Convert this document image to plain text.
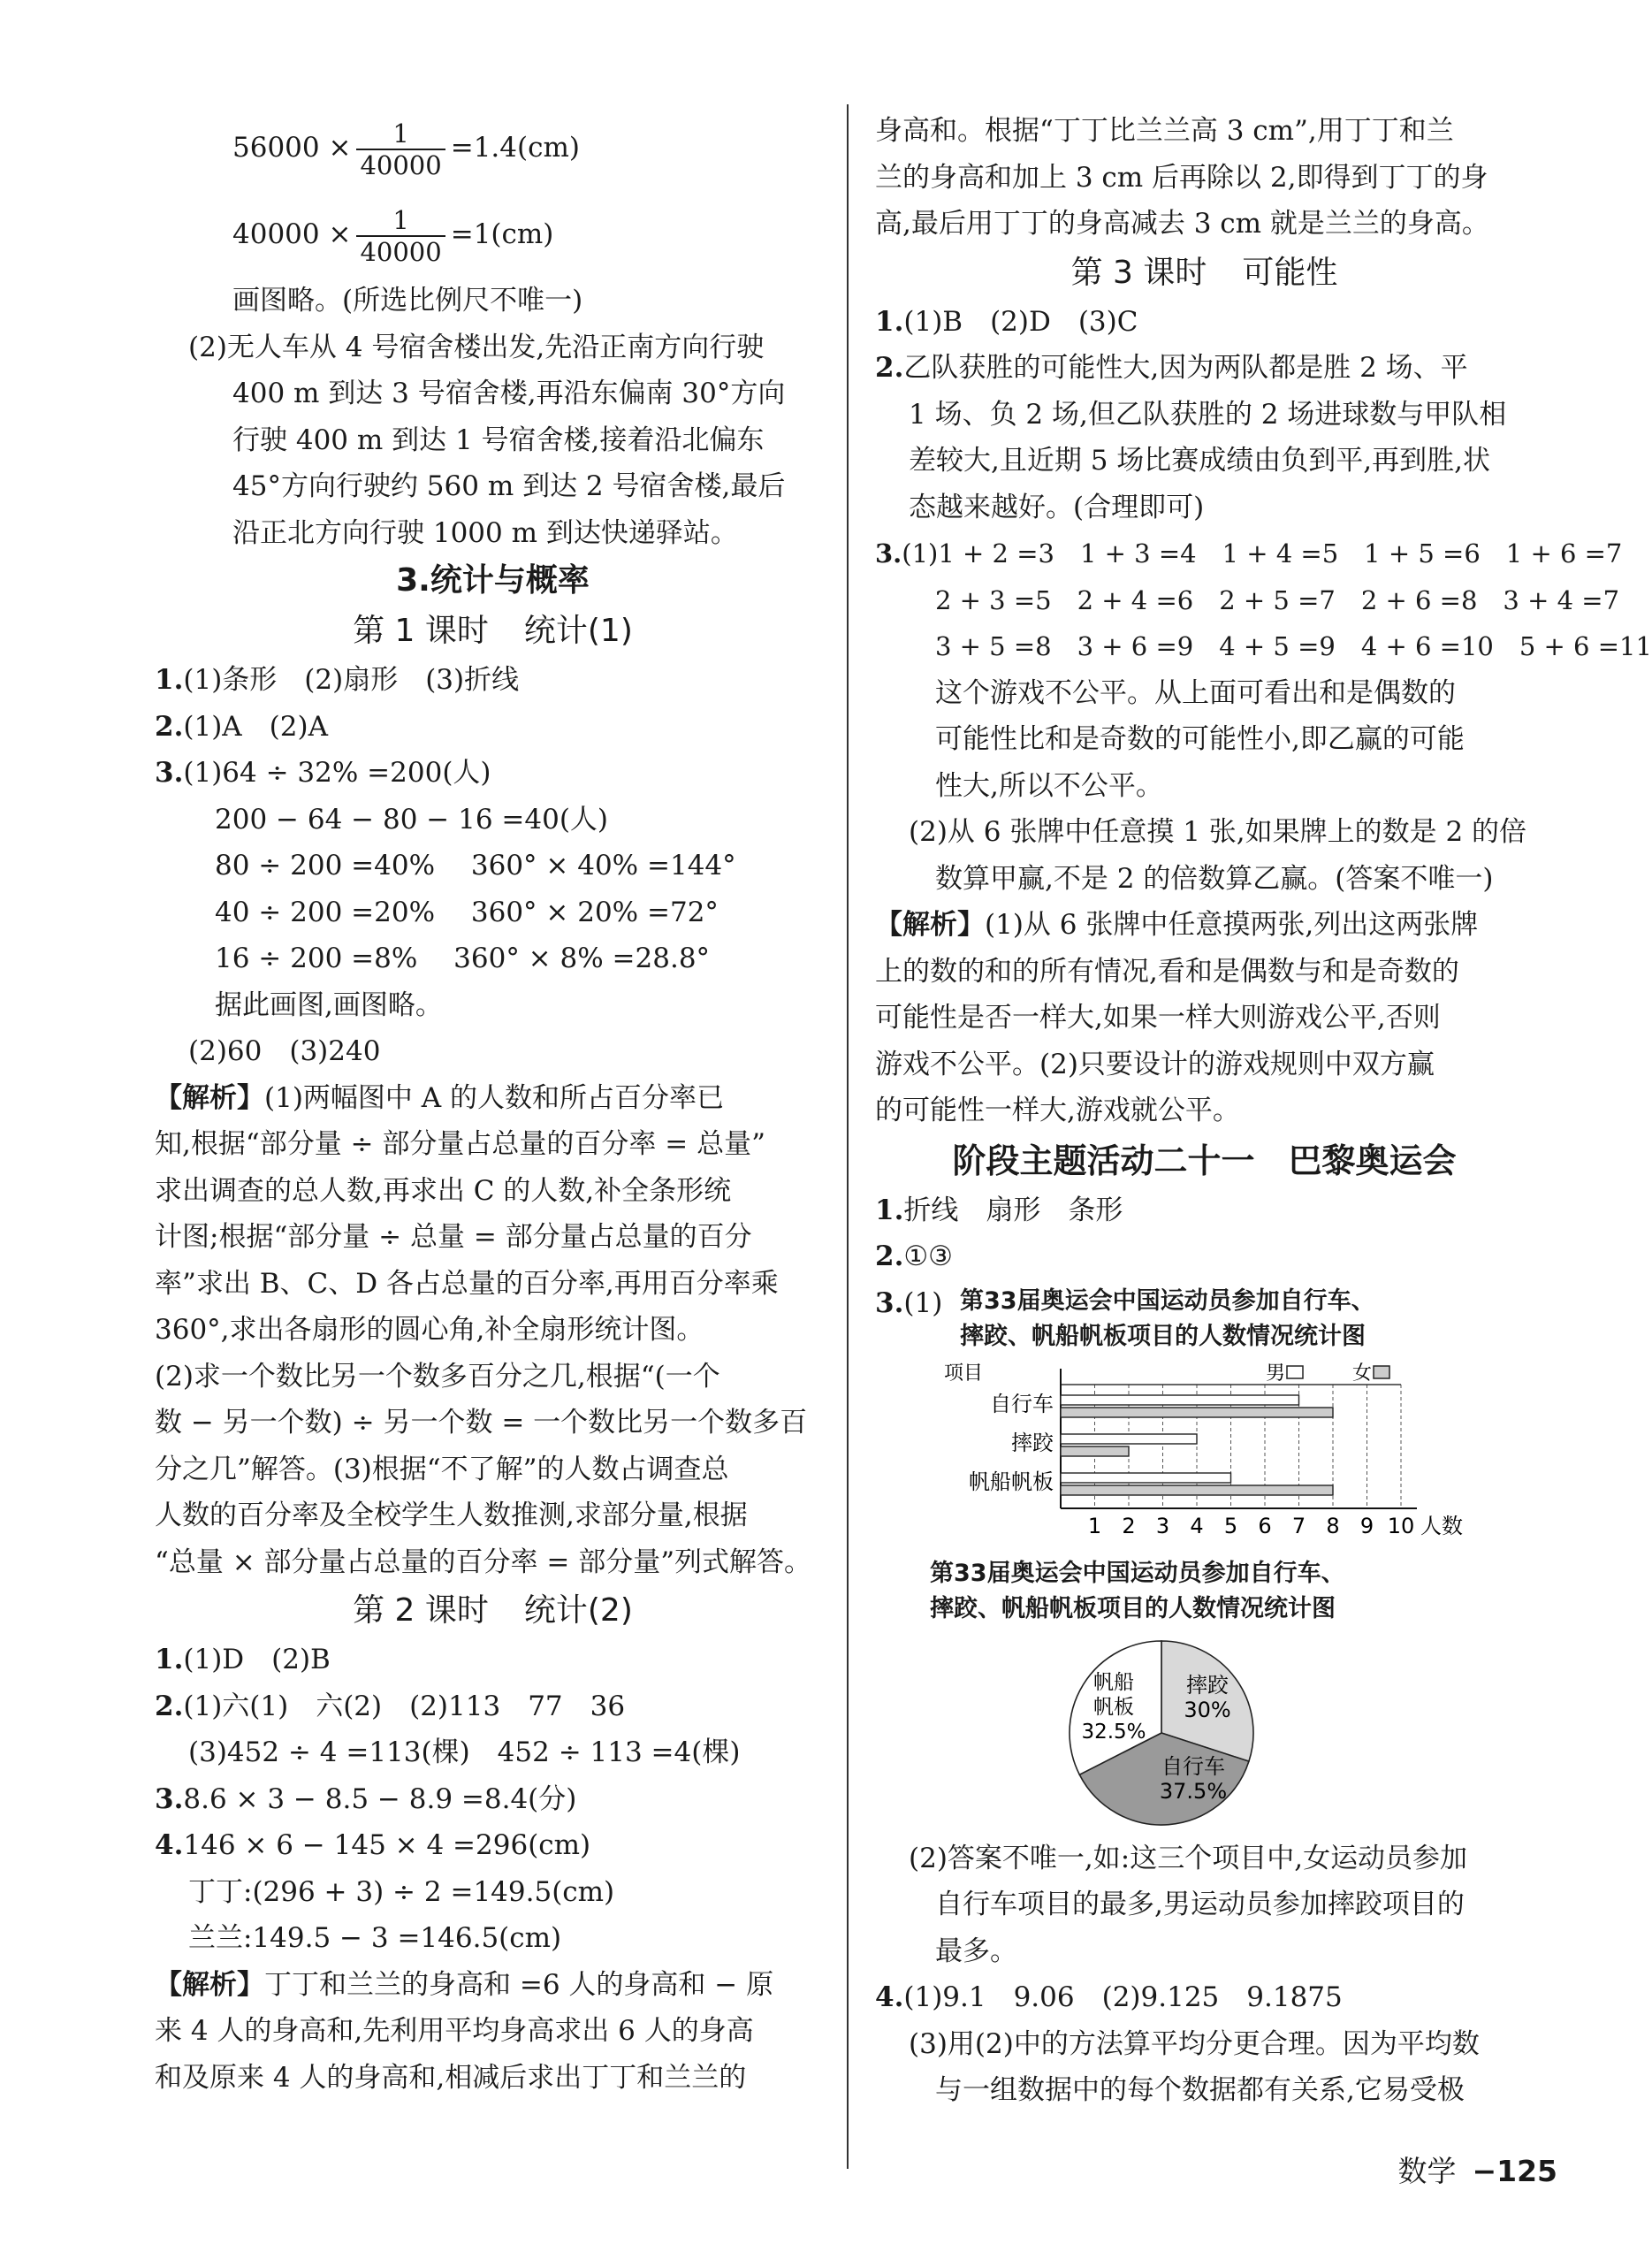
$56000 \times \frac{1}{40000} =1.4(cm)$
$40000 \times \frac{1}{40000} =1(cm)$
画图略。(所选比例尺不唯一)
(2)无人车从 4 号宿舍楼出发,先沿正南方向行驶
400 m 到达 3 号宿舍楼,再沿东偏南 30°方向
行驶 400 m 到达 1 号宿舍楼,接着沿北偏东
45°方向行驶约 560 m 到达 2 号宿舍楼,最后
沿正北方向行驶 1000 m 到达快递驿站。
3.统计与概率
第 1 课时 统计(1)
1.(1)条形　(2)扇形　(3)折线
2.(1)A　(2)A
3.(1)64 ÷ 32% =200(人)
200 − 64 − 80 − 16 =40(人)
80 ÷ 200 =40%　 360° × 40% =144°
40 ÷ 200 =20%　 360° × 20% =72°
16 ÷ 200 =8%　 360° × 8% =28.8°
据此画图,画图略。
(2)60　(3)240
【解析】(1)两幅图中 A 的人数和所占百分率已
知,根据“部分量 ÷ 部分量占总量的百分率 = 总量”
求出调查的总人数,再求出 C 的人数,补全条形统
计图;根据“部分量 ÷ 总量 = 部分量占总量的百分
率”求出 B、C、D 各占总量的百分率,再用百分率乘
360°,求出各扇形的圆心角,补全扇形统计图。
(2)求一个数比另一个数多百分之几,根据“(一个
数 − 另一个数) ÷ 另一个数 = 一个数比另一个数多百
分之几”解答。(3)根据“不了解”的人数占调查总
人数的百分率及全校学生人数推测,求部分量,根据
“总量 × 部分量占总量的百分率 = 部分量”列式解答。
第 2 课时 统计(2)
1.(1)D　(2)B
2.(1)六(1)　六(2)　(2)113　77　36
(3)452 ÷ 4 =113(棵)　452 ÷ 113 =4(棵)
3.8.6 × 3 − 8.5 − 8.9 =8.4(分)
4.146 × 6 − 145 × 4 =296(cm)
丁丁:(296 + 3) ÷ 2 =149.5(cm)
兰兰:149.5 − 3 =146.5(cm)
【解析】丁丁和兰兰的身高和 =6 人的身高和 − 原
来 4 人的身高和,先利用平均身高求出 6 人的身高
和及原来 4 人的身高和,相减后求出丁丁和兰兰的
身高和。根据“丁丁比兰兰高 3 cm”,用丁丁和兰
兰的身高和加上 3 cm 后再除以 2,即得到丁丁的身
高,最后用丁丁的身高减去 3 cm 就是兰兰的身高。
第 3 课时 可能性
1.(1)B　(2)D　(3)C
2.乙队获胜的可能性大,因为两队都是胜 2 场、平
1 场、负 2 场,但乙队获胜的 2 场进球数与甲队相
差较大,且近期 5 场比赛成绩由负到平,再到胜,状
态越来越好。(合理即可)
3.(1)1 + 2 =3　1 + 3 =4　1 + 4 =5　1 + 5 =6　1 + 6 =7
2 + 3 =5　2 + 4 =6　2 + 5 =7　2 + 6 =8　3 + 4 =7
3 + 5 =8　3 + 6 =9　4 + 5 =9　4 + 6 =10　5 + 6 =11
这个游戏不公平。从上面可看出和是偶数的
可能性比和是奇数的可能性小,即乙赢的可能
性大,所以不公平。
(2)从 6 张牌中任意摸 1 张,如果牌上的数是 2 的倍
数算甲赢,不是 2 的倍数算乙赢。(答案不唯一)
【解析】(1)从 6 张牌中任意摸两张,列出这两张牌
上的数的和的所有情况,看和是偶数与和是奇数的
可能性是否一样大,如果一样大则游戏公平,否则
游戏不公平。(2)只要设计的游戏规则中双方赢
的可能性一样大,游戏就公平。
阶段主题活动二十一　巴黎奥运会
1.折线　扇形　条形
2.①③
3.(1) 第33届奥运会中国运动员参加自行车、
摔跤、帆船帆板项目的人数情况统计图
项目	男	女
自行车
摔跤
帆船帆板
1 2 3 4 5 6 7 8 9 10 人数
第33届奥运会中国运动员参加自行车、
摔跤、帆船帆板项目的人数情况统计图
摔跤
30%
自行车
37.5%
帆船
帆板
32.5%
(2)答案不唯一,如:这三个项目中,女运动员参加
自行车项目的最多,男运动员参加摔跤项目的
最多。
4.(1)9.1　9.06　(2)9.125　9.1875
(3)用(2)中的方法算平均分更合理。因为平均数
与一组数据中的每个数据都有关系,它易受极
数学 −125
